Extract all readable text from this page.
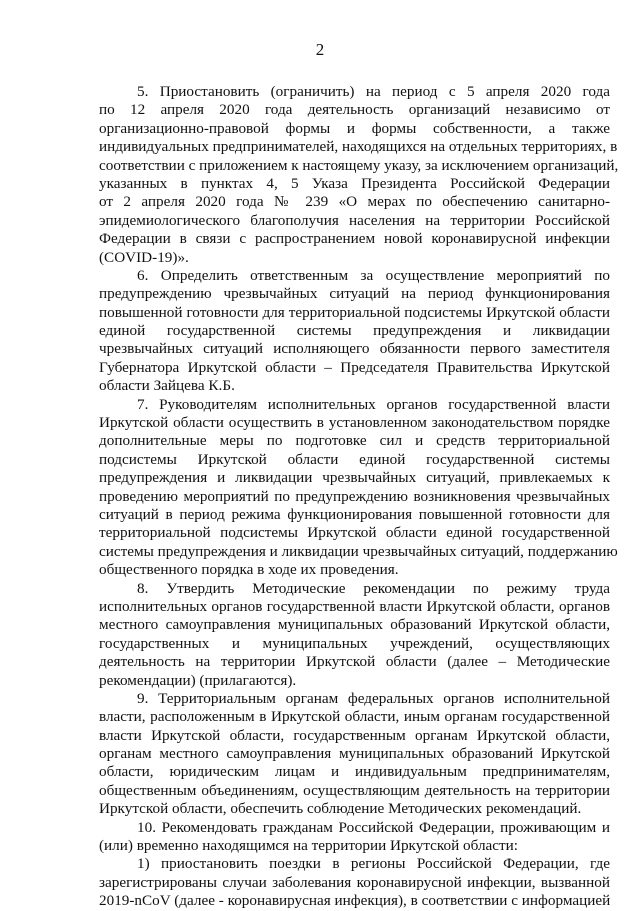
2
5. Приостановить (ограничить) на период с 5 апреля 2020 года
по 12 апреля 2020 года деятельность организаций независимо от
организационно-правовой формы и формы собственности, а также
индивидуальных предпринимателей, находящихся на отдельных территориях, в
соответствии с приложением к настоящему указу, за исключением организаций,
указанных в пунктах 4, 5 Указа Президента Российской Федерации
от 2 апреля 2020 года № 239 «О мерах по обеспечению санитарно-
эпидемиологического благополучия населения на территории Российской
Федерации в связи с распространением новой коронавирусной инфекции
(COVID-19)».
6. Определить ответственным за осуществление мероприятий по
предупреждению чрезвычайных ситуаций на период функционирования
повышенной готовности для территориальной подсистемы Иркутской области
единой государственной системы предупреждения и ликвидации
чрезвычайных ситуаций исполняющего обязанности первого заместителя
Губернатора Иркутской области – Председателя Правительства Иркутской
области Зайцева К.Б.
7. Руководителям исполнительных органов государственной власти
Иркутской области осуществить в установленном законодательством порядке
дополнительные меры по подготовке сил и средств территориальной
подсистемы Иркутской области единой государственной системы
предупреждения и ликвидации чрезвычайных ситуаций, привлекаемых к
проведению мероприятий по предупреждению возникновения чрезвычайных
ситуаций в период режима функционирования повышенной готовности для
территориальной подсистемы Иркутской области единой государственной
системы предупреждения и ликвидации чрезвычайных ситуаций, поддержанию
общественного порядка в ходе их проведения.
8. Утвердить Методические рекомендации по режиму труда
исполнительных органов государственной власти Иркутской области, органов
местного самоуправления муниципальных образований Иркутской области,
государственных и муниципальных учреждений, осуществляющих
деятельность на территории Иркутской области (далее – Методические
рекомендации) (прилагаются).
9. Территориальным органам федеральных органов исполнительной
власти, расположенным в Иркутской области, иным органам государственной
власти Иркутской области, государственным органам Иркутской области,
органам местного самоуправления муниципальных образований Иркутской
области, юридическим лицам и индивидуальным предпринимателям,
общественным объединениям, осуществляющим деятельность на территории
Иркутской области, обеспечить соблюдение Методических рекомендаций.
10. Рекомендовать гражданам Российской Федерации, проживающим и
(или) временно находящимся на территории Иркутской области:
1) приостановить поездки в регионы Российской Федерации, где
зарегистрированы случаи заболевания коронавирусной инфекции, вызванной
2019-nCoV (далее - коронавирусная инфекция), в соответствии с информацией
